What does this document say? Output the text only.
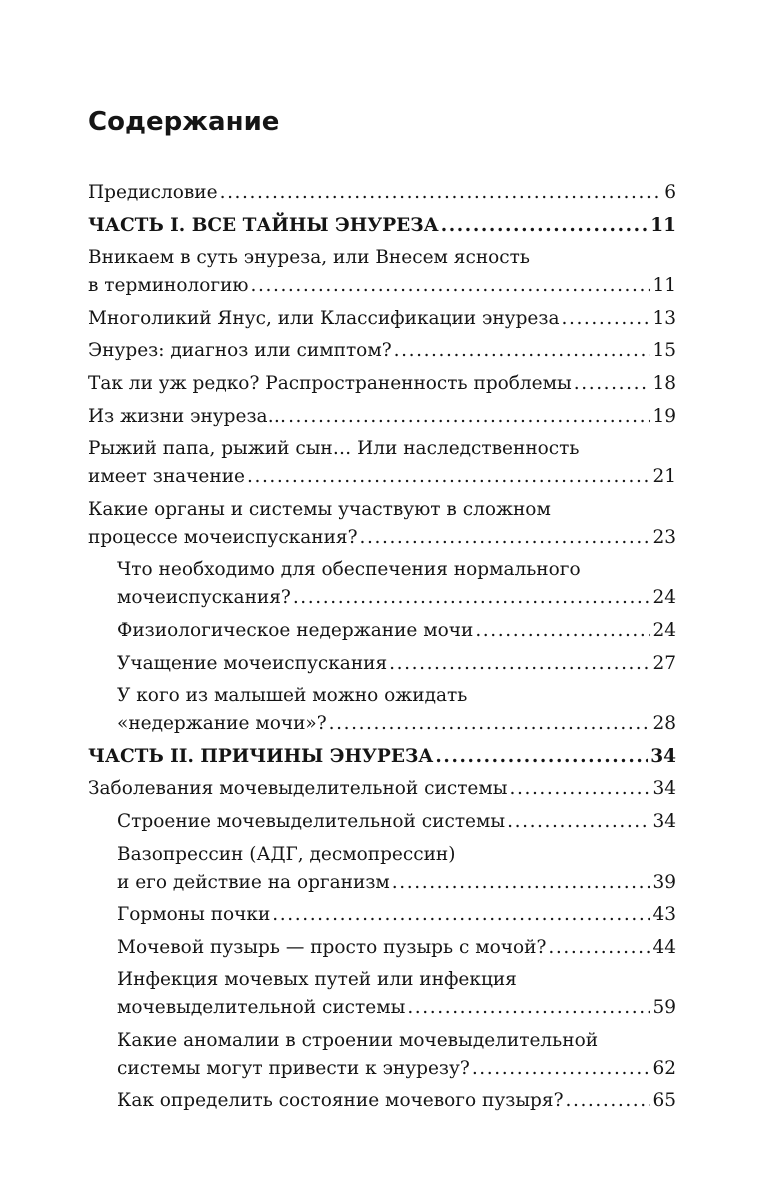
Содержание
Предисловие .....	6
ЧАСТЬ I. ВСЕ ТАЙНЫ ЭНУРЕЗА .....	11
Вникаем в суть энуреза, или Внесем ясность
в терминологию .....	11
Многоликий Янус, или Классификации энуреза .....	13
Энурез: диагноз или симптом? .....	15
Так ли уж редко? Распространенность проблемы .....	18
Из жизни энуреза… .....	19
Рыжий папа, рыжий сын… Или наследственность
имеет значение .....	21
Какие органы и системы участвуют в сложном
процессе мочеиспускания? .....	23
Что необходимо для обеспечения нормального
мочеиспускания? .....	24
Физиологическое недержание мочи .....	24
Учащение мочеиспускания .....	27
У кого из малышей можно ожидать
«недержание мочи»? .....	28
ЧАСТЬ II. ПРИЧИНЫ ЭНУРЕЗА .....	34
Заболевания мочевыделительной системы .....	34
Строение мочевыделительной системы .....	34
Вазопрессин (АДГ, десмопрессин)
и его действие на организм .....	39
Гормоны почки .....	43
Мочевой пузырь — просто пузырь с мочой? .....	44
Инфекция мочевых путей или инфекция
мочевыделительной системы .....	59
Какие аномалии в строении мочевыделительной
системы могут привести к энурезу? .....	62
Как определить состояние мочевого пузыря? .....	65
